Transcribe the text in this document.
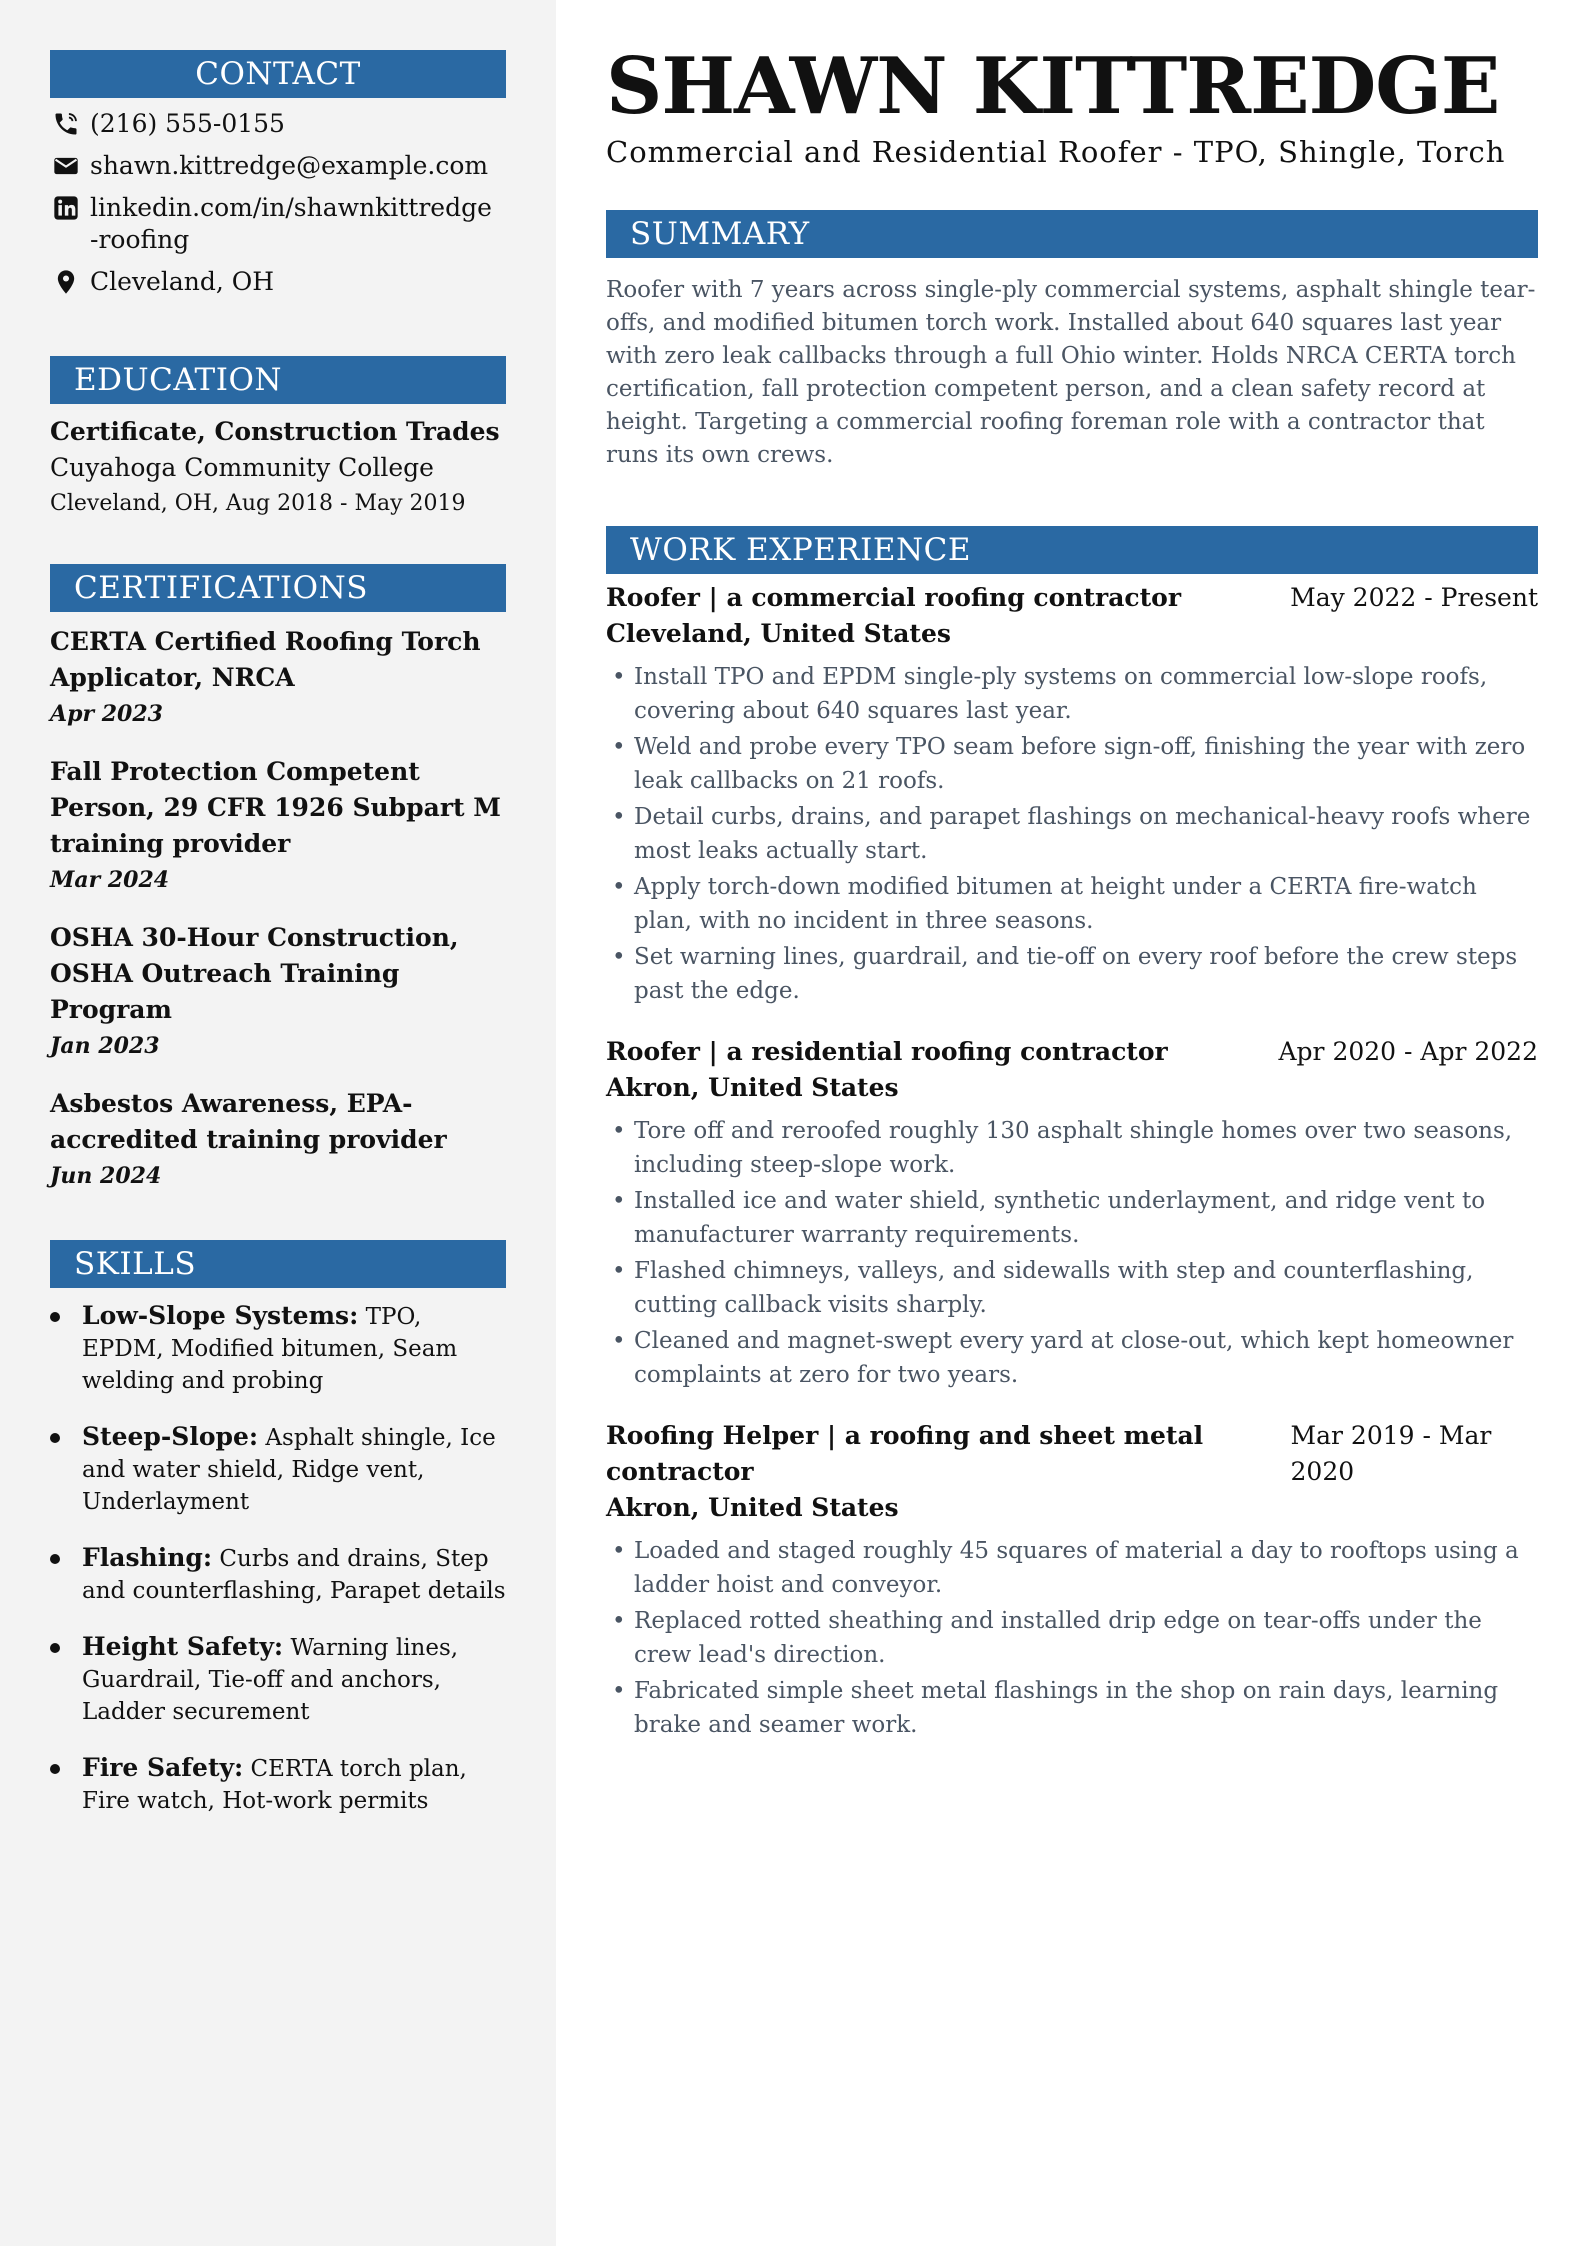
CONTACT
(216) 555-0155
shawn.kittredge@example.com
linkedin.com/in/shawnkittredge-roofing
Cleveland, OH
EDUCATION
Certificate, Construction Trades
Cuyahoga Community College
Cleveland, OH, Aug 2018 - May 2019
CERTIFICATIONS
CERTA Certified Roofing Torch Applicator, NRCA
Apr 2023
Fall Protection Competent Person, 29 CFR 1926 Subpart M training provider
Mar 2024
OSHA 30-Hour Construction, OSHA Outreach Training Program
Jan 2023
Asbestos Awareness, EPA-accredited training provider
Jun 2024
SKILLS
Low-Slope Systems: TPO, EPDM, Modified bitumen, Seam welding and probing
Steep-Slope: Asphalt shingle, Ice and water shield, Ridge vent, Underlayment
Flashing: Curbs and drains, Step and counterflashing, Parapet details
Height Safety: Warning lines, Guardrail, Tie-off and anchors, Ladder securement
Fire Safety: CERTA torch plan, Fire watch, Hot-work permits
SHAWN KITTREDGE
Commercial and Residential Roofer - TPO, Shingle, Torch
SUMMARY
Roofer with 7 years across single-ply commercial systems, asphalt shingle tear-offs, and modified bitumen torch work. Installed about 640 squares last year with zero leak callbacks through a full Ohio winter. Holds NRCA CERTA torch certification, fall protection competent person, and a clean safety record at height. Targeting a commercial roofing foreman role with a contractor that runs its own crews.
WORK EXPERIENCE
Roofer | a commercial roofing contractor	May 2022 - Present
Cleveland, United States
• Install TPO and EPDM single-ply systems on commercial low-slope roofs, covering about 640 squares last year.
• Weld and probe every TPO seam before sign-off, finishing the year with zero leak callbacks on 21 roofs.
• Detail curbs, drains, and parapet flashings on mechanical-heavy roofs where most leaks actually start.
• Apply torch-down modified bitumen at height under a CERTA fire-watch plan, with no incident in three seasons.
• Set warning lines, guardrail, and tie-off on every roof before the crew steps past the edge.
Roofer | a residential roofing contractor	Apr 2020 - Apr 2022
Akron, United States
• Tore off and reroofed roughly 130 asphalt shingle homes over two seasons, including steep-slope work.
• Installed ice and water shield, synthetic underlayment, and ridge vent to manufacturer warranty requirements.
• Flashed chimneys, valleys, and sidewalls with step and counterflashing, cutting callback visits sharply.
• Cleaned and magnet-swept every yard at close-out, which kept homeowner complaints at zero for two years.
Roofing Helper | a roofing and sheet metal contractor
Mar 2019 - Mar 2020
Akron, United States
• Loaded and staged roughly 45 squares of material a day to rooftops using a ladder hoist and conveyor.
• Replaced rotted sheathing and installed drip edge on tear-offs under the crew lead's direction.
• Fabricated simple sheet metal flashings in the shop on rain days, learning brake and seamer work.
